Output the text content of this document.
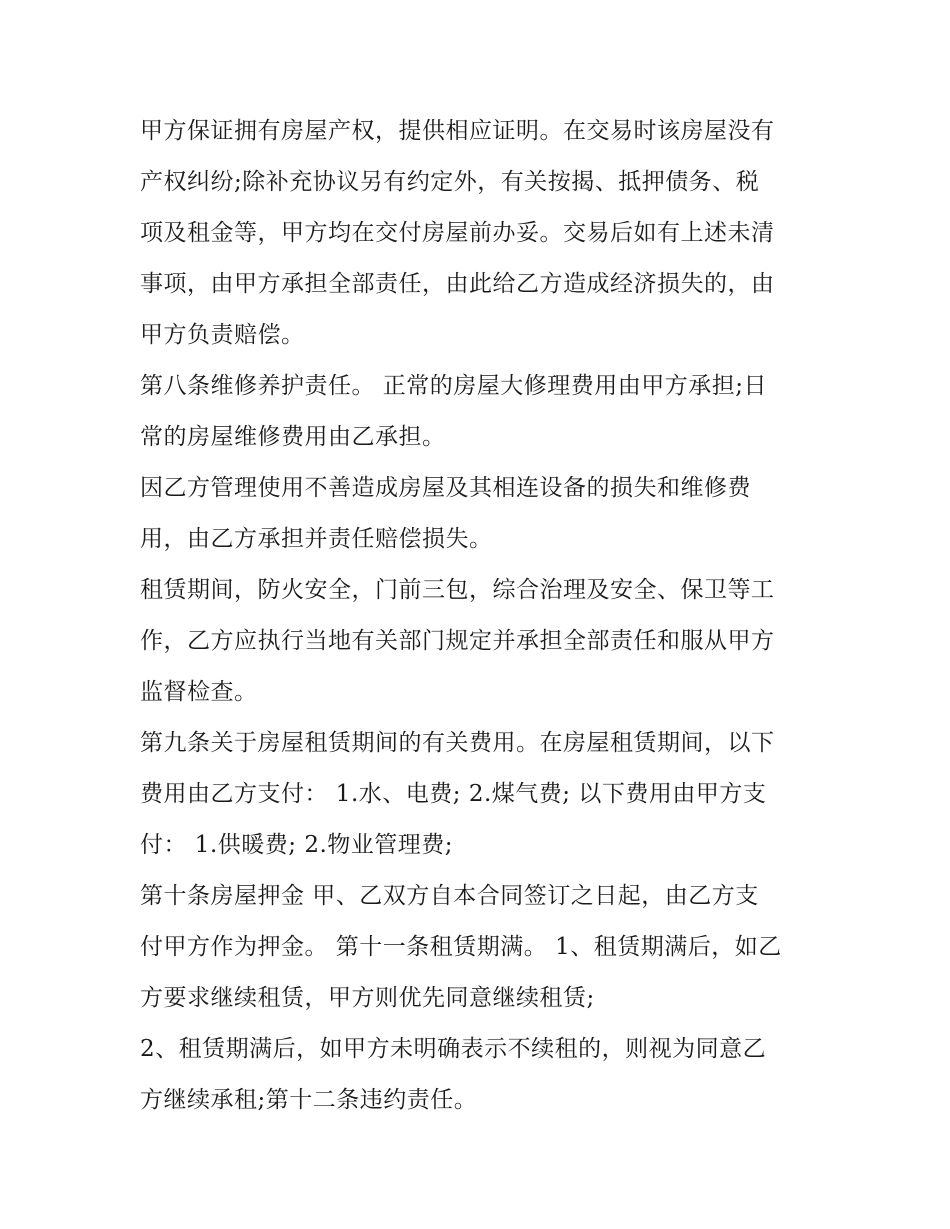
甲方保证拥有房屋产权，提供相应证明。在交易时该房屋没有
产权纠纷;除补充协议另有约定外，有关按揭、抵押债务、税
项及租金等，甲方均在交付房屋前办妥。交易后如有上述未清
事项，由甲方承担全部责任，由此给乙方造成经济损失的，由
甲方负责赔偿。
第八条维修养护责任。 正常的房屋大修理费用由甲方承担;日
常的房屋维修费用由乙承担。
因乙方管理使用不善造成房屋及其相连设备的损失和维修费
用，由乙方承担并责任赔偿损失。
租赁期间，防火安全，门前三包，综合治理及安全、保卫等工
作，乙方应执行当地有关部门规定并承担全部责任和服从甲方
监督检查。
第九条关于房屋租赁期间的有关费用。在房屋租赁期间，以下
费用由乙方支付： 1.水、电费; 2.煤气费; 以下费用由甲方支
付： 1.供暖费; 2.物业管理费;
第十条房屋押金 甲、乙双方自本合同签订之日起，由乙方支
付甲方作为押金。 第十一条租赁期满。 1、租赁期满后，如乙
方要求继续租赁，甲方则优先同意继续租赁;
2、租赁期满后，如甲方未明确表示不续租的，则视为同意乙
方继续承租;第十二条违约责任。
